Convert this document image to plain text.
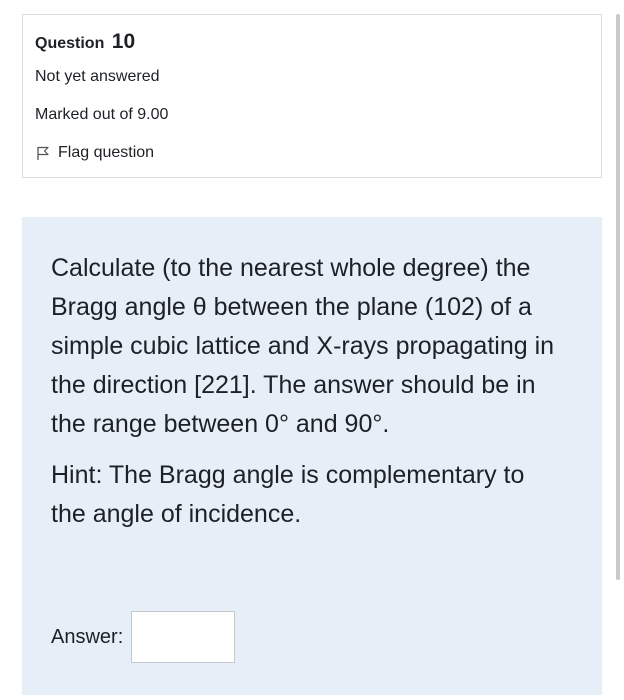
Question 10
Not yet answered
Marked out of 9.00
Flag question

Calculate (to the nearest whole degree) the Bragg angle θ between the plane (102) of a simple cubic lattice and X-rays propagating in the direction [221]. The answer should be in the range between 0° and 90°.

Hint: The Bragg angle is complementary to the angle of incidence.

Answer:
